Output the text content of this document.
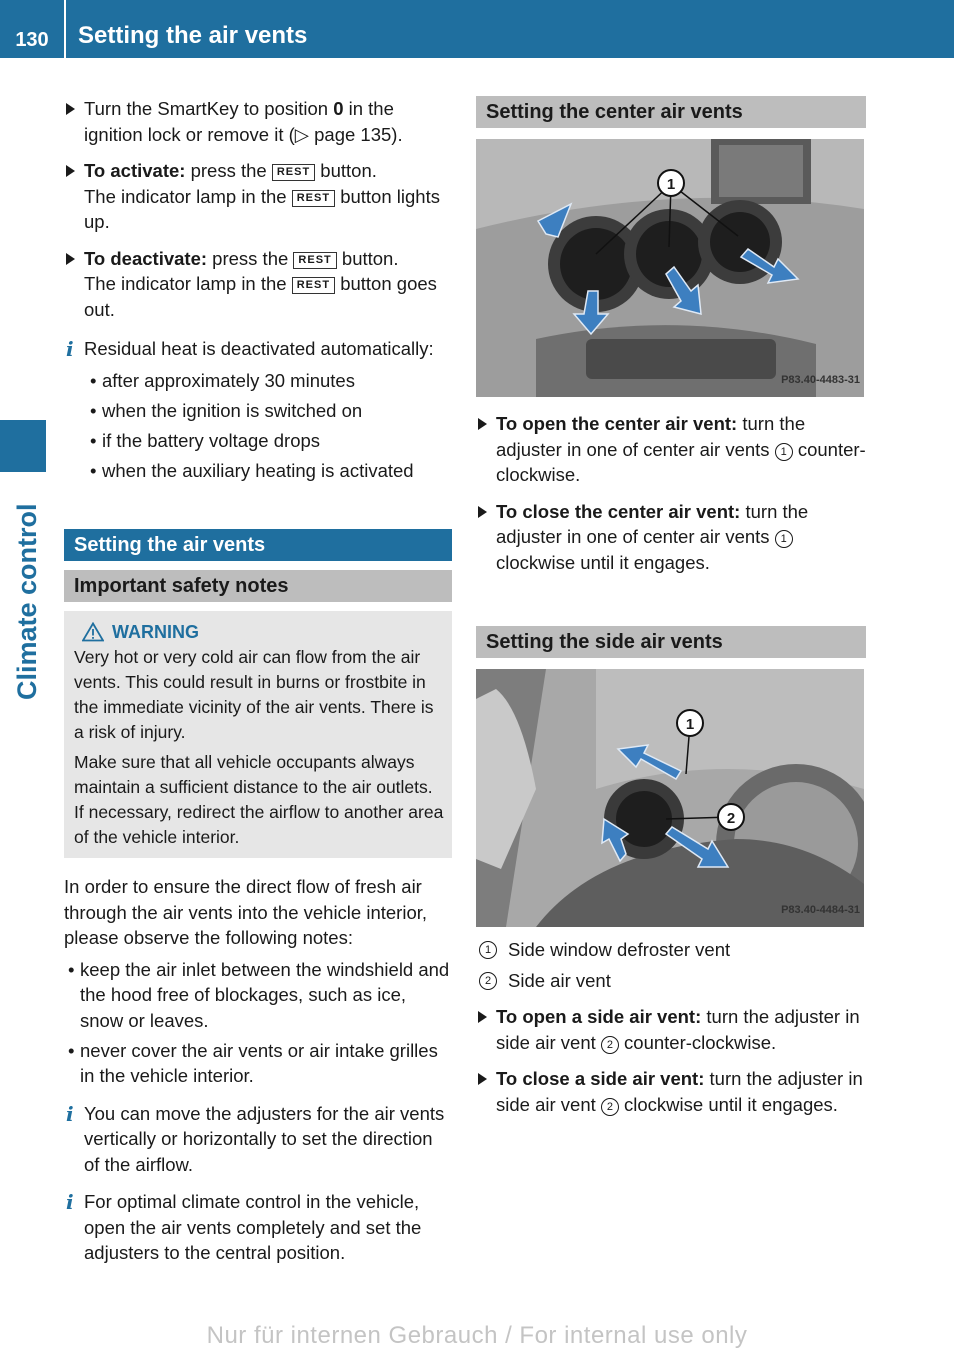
130	Setting the air vents
Climate control
Turn the SmartKey to position 0 in the ignition lock or remove it (▷ page 135).
To activate: press the REST button.
The indicator lamp in the REST button lights up.
To deactivate: press the REST button.
The indicator lamp in the REST button goes out.
i Residual heat is deactivated automatically:
• after approximately 30 minutes
• when the ignition is switched on
• if the battery voltage drops
• when the auxiliary heating is activated
Setting the air vents
Important safety notes
WARNING

Very hot or very cold air can flow from the air vents. This could result in burns or frostbite in the immediate vicinity of the air vents. There is a risk of injury.

Make sure that all vehicle occupants always maintain a sufficient distance to the air outlets. If necessary, redirect the airflow to another area of the vehicle interior.

In order to ensure the direct flow of fresh air through the air vents into the vehicle interior, please observe the following notes:

• keep the air inlet between the windshield and the hood free of blockages, such as ice, snow or leaves.
• never cover the air vents or air intake grilles in the vehicle interior.
i You can move the adjusters for the air vents vertically or horizontally to set the direction of the airflow.
i For optimal climate control in the vehicle, open the air vents completely and set the adjusters to the central position.
Setting the center air vents
1
P83.40-4483-31
To open the center air vent: turn the adjuster in one of center air vents 1 counter-clockwise.
To close the center air vent: turn the adjuster in one of center air vents 1 clockwise until it engages.
Setting the side air vents
1
2
P83.40-4484-31
1 Side window defroster vent
2 Side air vent
To open a side air vent: turn the adjuster in side air vent 2 counter-clockwise.
To close a side air vent: turn the adjuster in side air vent 2 clockwise until it engages.
Nur für internen Gebrauch / For internal use only
